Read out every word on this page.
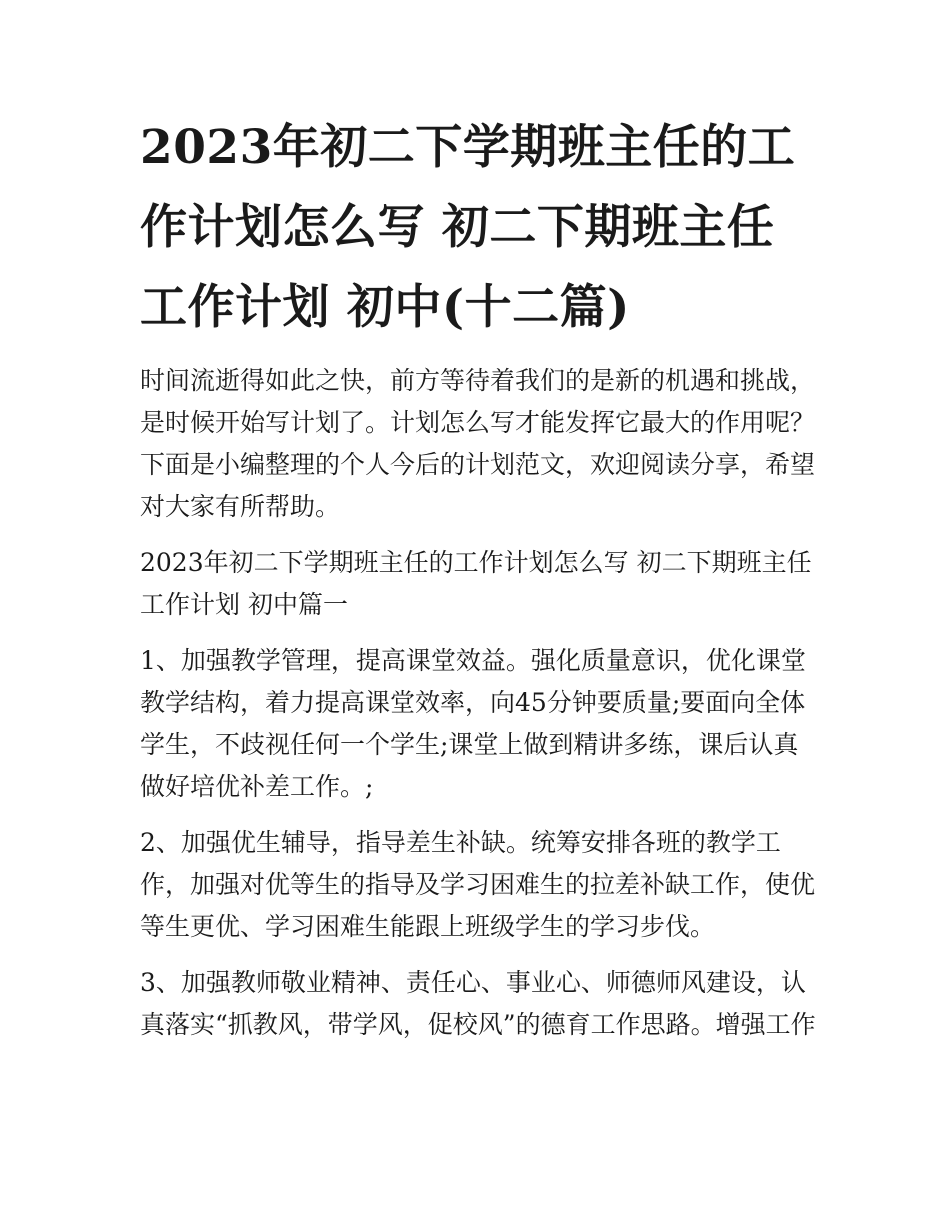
2023年初二下学期班主任的工
作计划怎么写 初二下期班主任
工作计划 初中(十二篇)

时间流逝得如此之快，前方等待着我们的是新的机遇和挑战，
是时候开始写计划了。计划怎么写才能发挥它最大的作用呢？
下面是小编整理的个人今后的计划范文，欢迎阅读分享，希望
对大家有所帮助。

2023年初二下学期班主任的工作计划怎么写 初二下期班主任
工作计划 初中篇一

1、加强教学管理，提高课堂效益。强化质量意识，优化课堂
教学结构，着力提高课堂效率，向45分钟要质量;要面向全体
学生，不歧视任何一个学生;课堂上做到精讲多练，课后认真
做好培优补差工作。;

2、加强优生辅导，指导差生补缺。统筹安排各班的教学工
作，加强对优等生的指导及学习困难生的拉差补缺工作，使优
等生更优、学习困难生能跟上班级学生的学习步伐。

3、加强教师敬业精神、责任心、事业心、师德师风建设，认
真落实“抓教风，带学风，促校风”的德育工作思路。增强工作
